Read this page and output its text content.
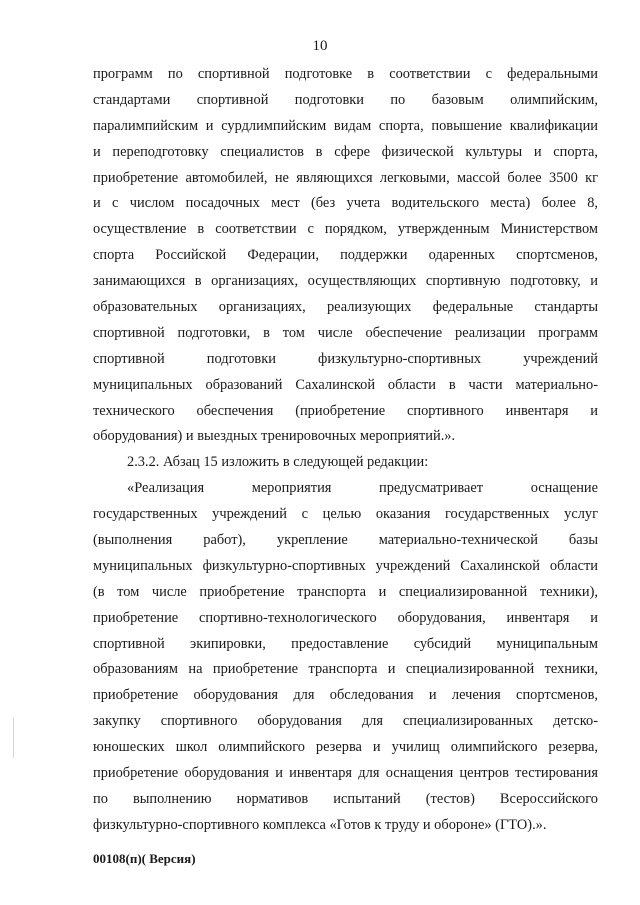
10
программ по спортивной подготовке в соответствии с федеральными
стандартами спортивной подготовки по базовым олимпийским,
паралимпийским и сурдлимпийским видам спорта, повышение квалификации
и переподготовку специалистов в сфере физической культуры и спорта,
приобретение автомобилей, не являющихся легковыми, массой более 3500 кг
и с числом посадочных мест (без учета водительского места) более 8,
осуществление в соответствии с порядком, утвержденным Министерством
спорта Российской Федерации, поддержки одаренных спортсменов,
занимающихся в организациях, осуществляющих спортивную подготовку, и
образовательных организациях, реализующих федеральные стандарты
спортивной подготовки, в том числе обеспечение реализации программ
спортивной подготовки физкультурно-спортивных учреждений
муниципальных образований Сахалинской области в части материально-
технического обеспечения (приобретение спортивного инвентаря и
оборудования) и выездных тренировочных мероприятий.».
2.3.2. Абзац 15 изложить в следующей редакции:
«Реализация мероприятия предусматривает оснащение
государственных учреждений с целью оказания государственных услуг
(выполнения работ), укрепление материально-технической базы
муниципальных физкультурно-спортивных учреждений Сахалинской области
(в том числе приобретение транспорта и специализированной техники),
приобретение спортивно-технологического оборудования, инвентаря и
спортивной экипировки, предоставление субсидий муниципальным
образованиям на приобретение транспорта и специализированной техники,
приобретение оборудования для обследования и лечения спортсменов,
закупку спортивного оборудования для специализированных детско-
юношеских школ олимпийского резерва и училищ олимпийского резерва,
приобретение оборудования и инвентаря для оснащения центров тестирования
по выполнению нормативов испытаний (тестов) Всероссийского
физкультурно-спортивного комплекса «Готов к труду и обороне» (ГТО).».
00108(п)( Версия)
